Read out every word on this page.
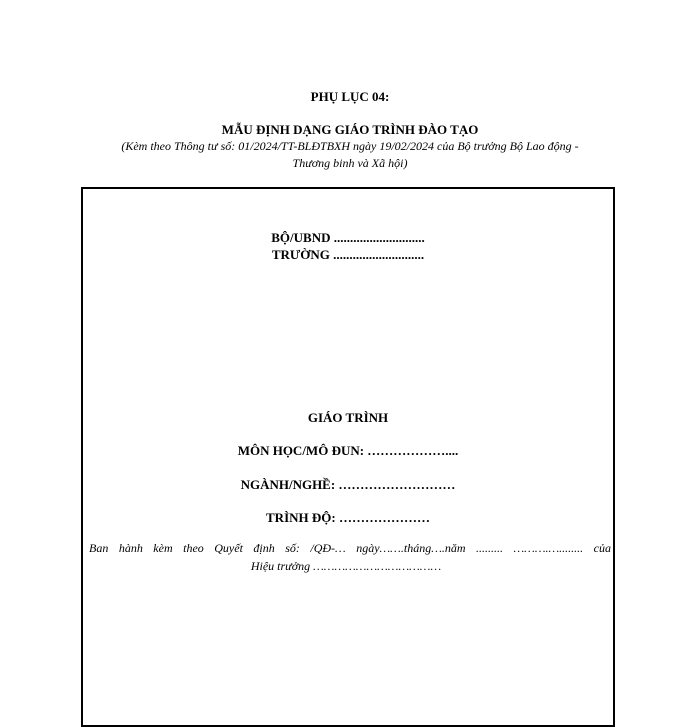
PHỤ LỤC 04:
MẪU ĐỊNH DẠNG GIÁO TRÌNH ĐÀO TẠO
(Kèm theo Thông tư số: 01/2024/TT-BLĐTBXH ngày 19/02/2024 của Bộ trưởng Bộ Lao động -
Thương binh và Xã hội)
BỘ/UBND ............................
TRƯỜNG ............................
GIÁO TRÌNH
MÔN HỌC/MÔ ĐUN: ………………....
NGÀNH/NGHỀ: ………………………
TRÌNH ĐỘ: …………………
Ban hành kèm theo Quyết định số: /QĐ-… ngày…….tháng….năm ......... ……….…........ của
Hiệu trưởng ………………………………
